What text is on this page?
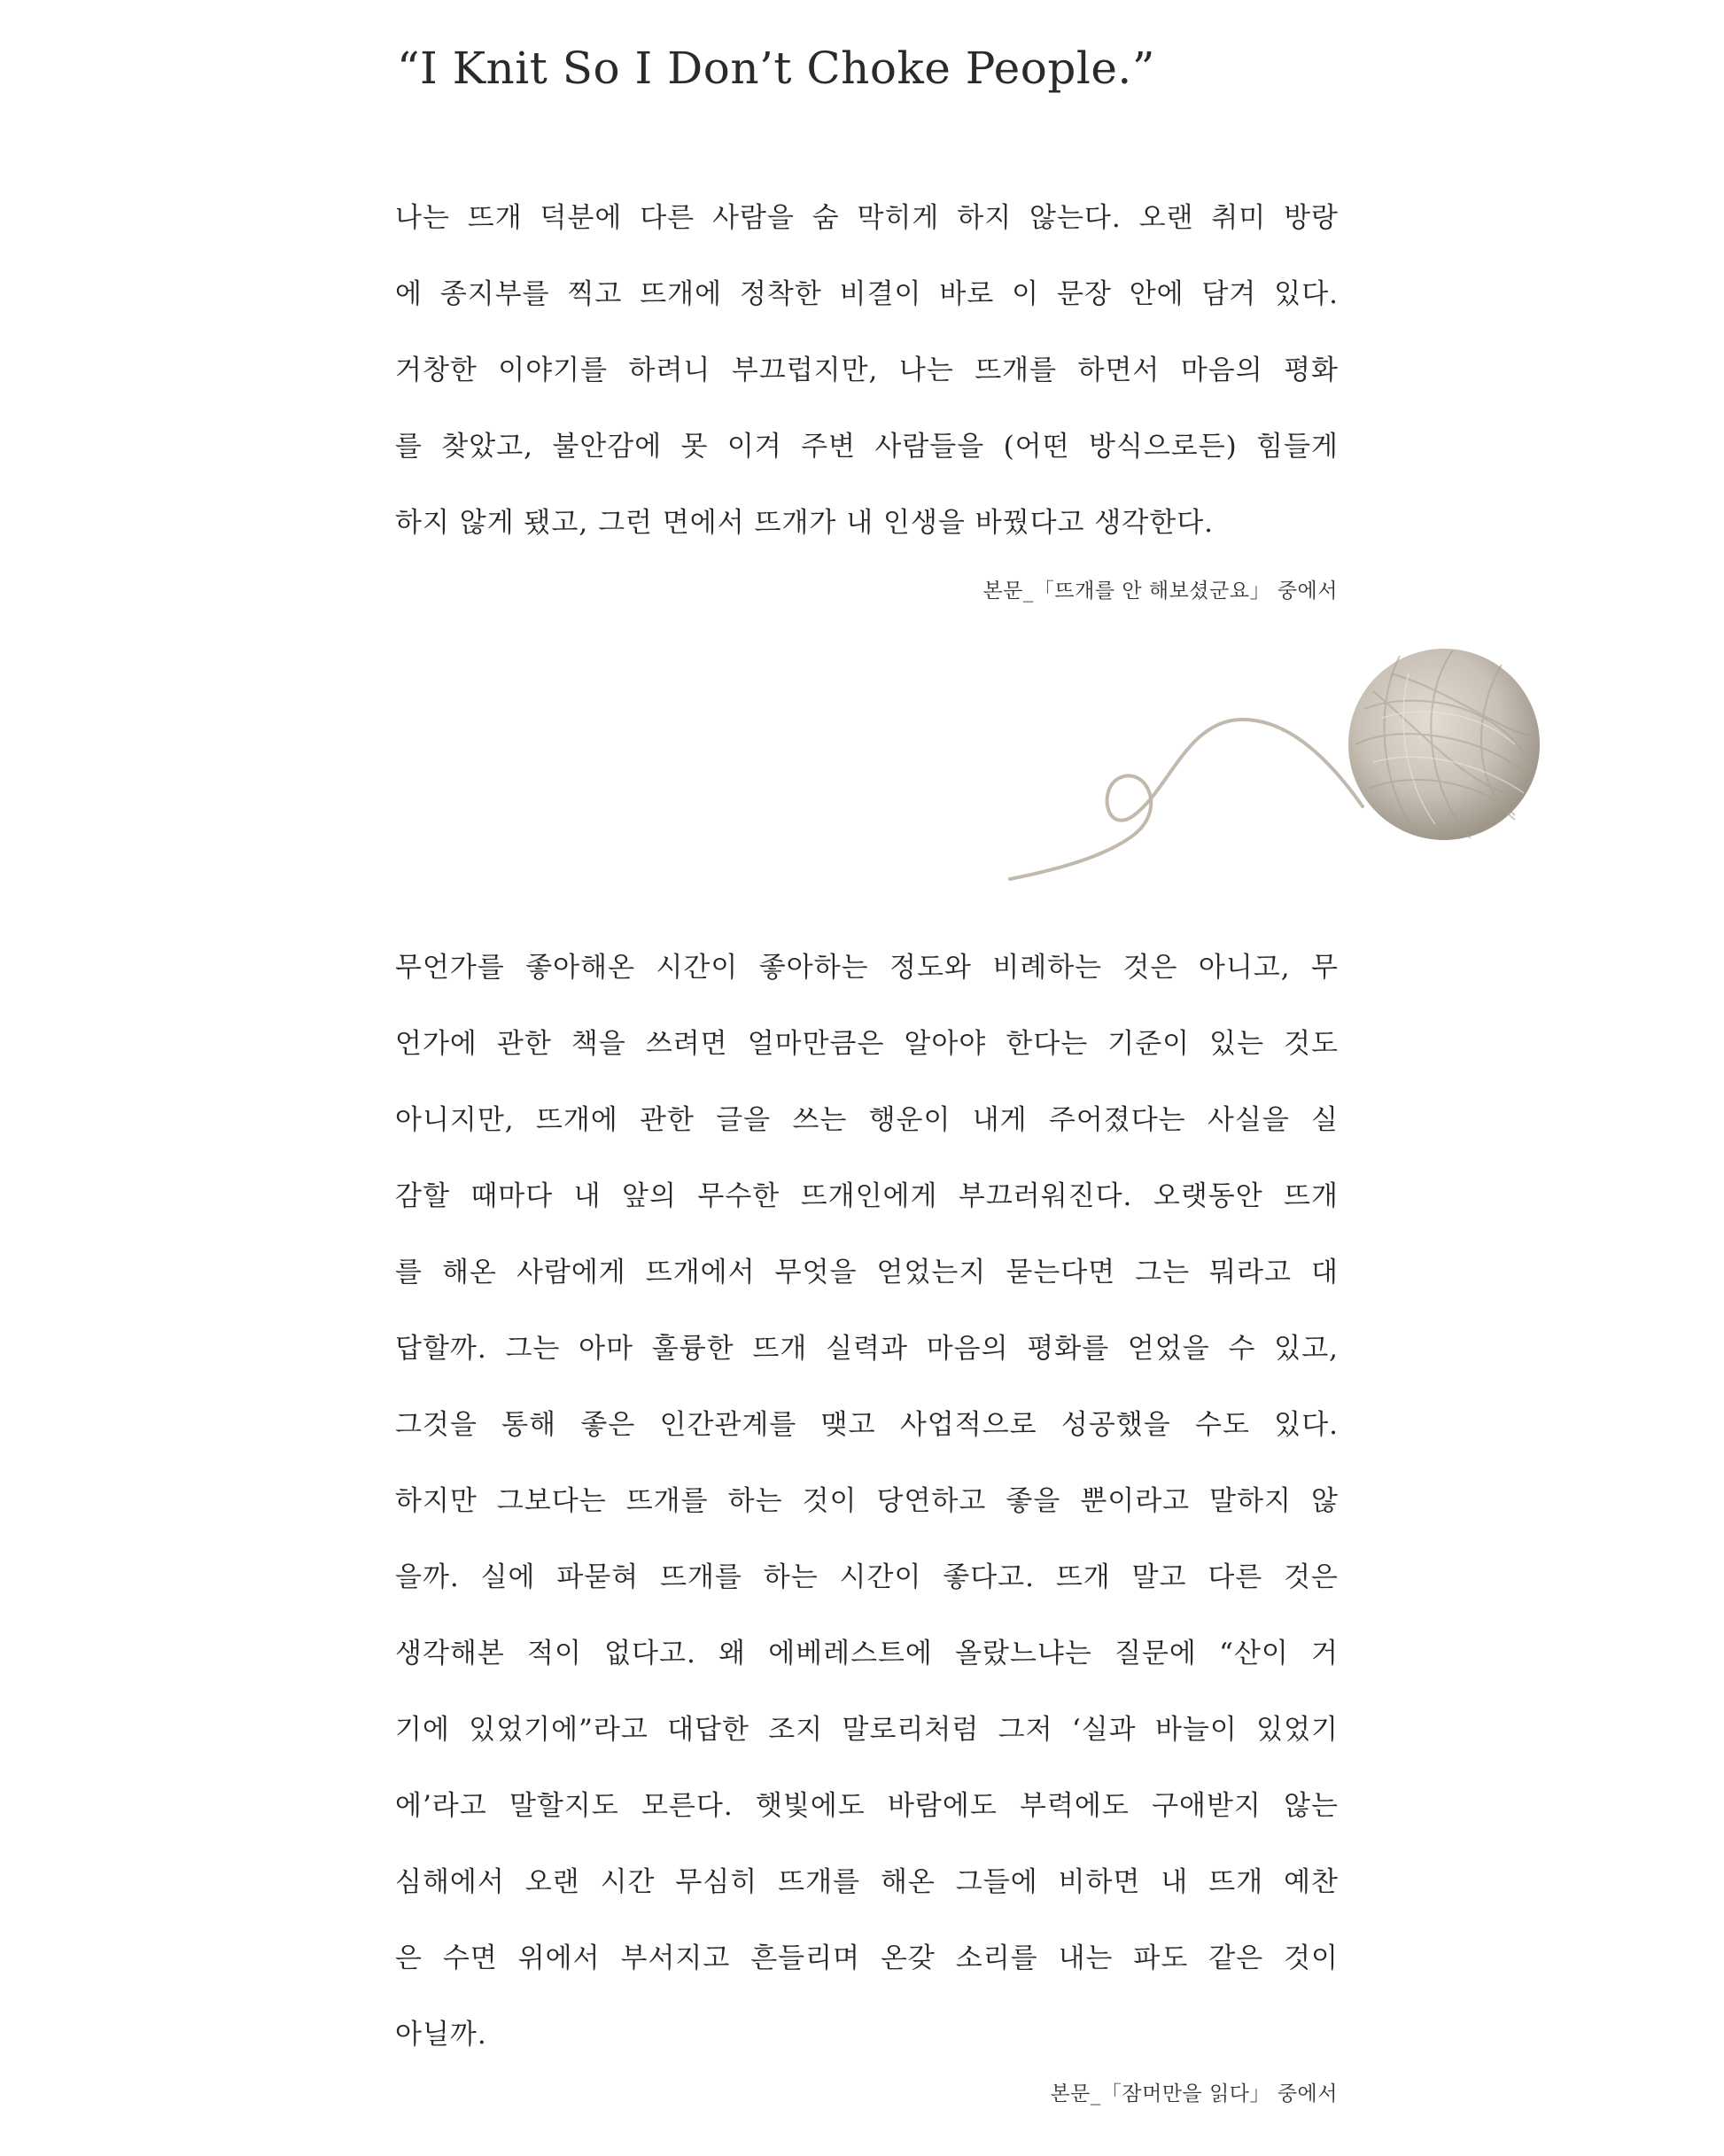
“I Knit So I Don’t Choke People.”
나는 뜨개 덕분에 다른 사람을 숨 막히게 하지 않는다. 오랜 취미 방랑
에 종지부를 찍고 뜨개에 정착한 비결이 바로 이 문장 안에 담겨 있다.
거창한 이야기를 하려니 부끄럽지만, 나는 뜨개를 하면서 마음의 평화
를 찾았고, 불안감에 못 이겨 주변 사람들을 (어떤 방식으로든) 힘들게
하지 않게 됐고, 그런 면에서 뜨개가 내 인생을 바꿨다고 생각한다.
본문_「뜨개를 안 해보셨군요」 중에서
무언가를 좋아해온 시간이 좋아하는 정도와 비례하는 것은 아니고, 무
언가에 관한 책을 쓰려면 얼마만큼은 알아야 한다는 기준이 있는 것도
아니지만, 뜨개에 관한 글을 쓰는 행운이 내게 주어졌다는 사실을 실
감할 때마다 내 앞의 무수한 뜨개인에게 부끄러워진다. 오랫동안 뜨개
를 해온 사람에게 뜨개에서 무엇을 얻었는지 묻는다면 그는 뭐라고 대
답할까. 그는 아마 훌륭한 뜨개 실력과 마음의 평화를 얻었을 수 있고,
그것을 통해 좋은 인간관계를 맺고 사업적으로 성공했을 수도 있다.
하지만 그보다는 뜨개를 하는 것이 당연하고 좋을 뿐이라고 말하지 않
을까. 실에 파묻혀 뜨개를 하는 시간이 좋다고. 뜨개 말고 다른 것은
생각해본 적이 없다고. 왜 에베레스트에 올랐느냐는 질문에 “산이 거
기에 있었기에”라고 대답한 조지 말로리처럼 그저 ‘실과 바늘이 있었기
에’라고 말할지도 모른다. 햇빛에도 바람에도 부력에도 구애받지 않는
심해에서 오랜 시간 무심히 뜨개를 해온 그들에 비하면 내 뜨개 예찬
은 수면 위에서 부서지고 흔들리며 온갖 소리를 내는 파도 같은 것이
아닐까.
본문_「잠머만을 읽다」 중에서
